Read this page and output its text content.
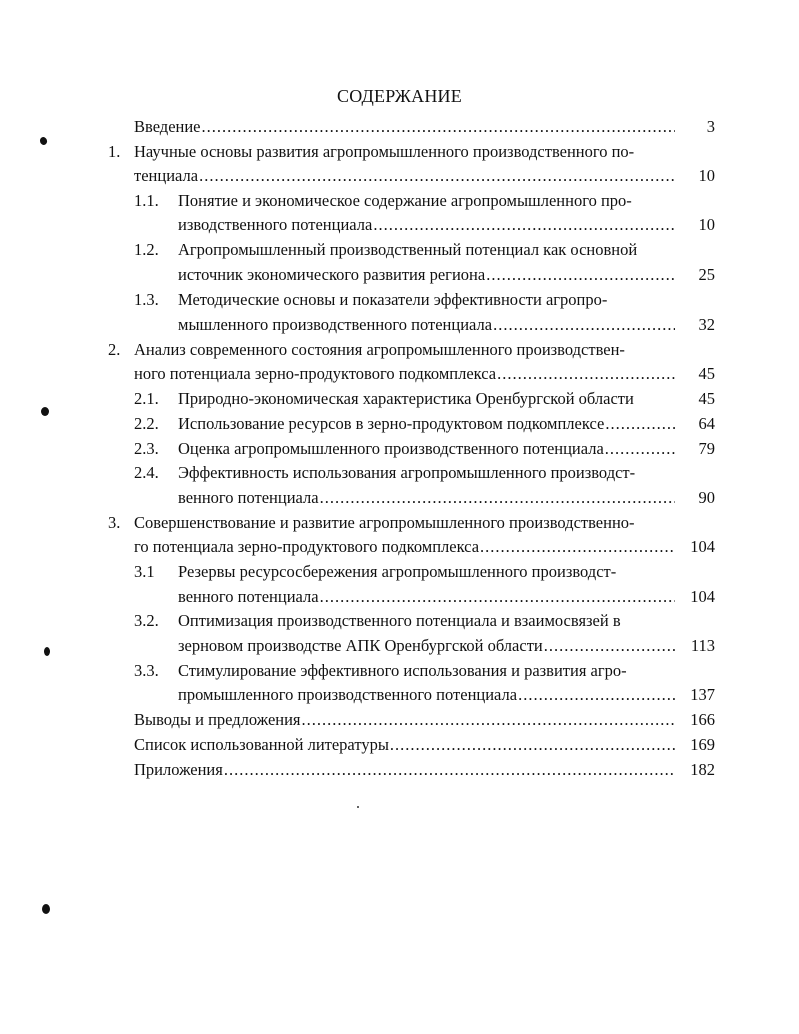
СОДЕРЖАНИЕ
Введение .....	3
1. Научные основы развития агропромышленного производственного по-
тенциала .....	10
1.1. Понятие и экономическое содержание агропромышленного про-
изводственного потенциала .....	10
1.2. Агропромышленный производственный потенциал как основной
источник экономического развития региона .....	25
1.3. Методические основы и показатели эффективности агропро-
мышленного производственного потенциала .....	32
2. Анализ современного состояния агропромышленного производствен-
ного потенциала зерно-продуктового подкомплекса .....	45
2.1. Природно-экономическая характеристика Оренбургской области	45
2.2. Использование ресурсов в зерно-продуктовом подкомплексе .....	64
2.3. Оценка агропромышленного производственного потенциала .....	79
2.4. Эффективность использования агропромышленного производст-
венного потенциала .....	90
3. Совершенствование и развитие агропромышленного производственно-
го потенциала зерно-продуктового подкомплекса .....	104
3.1 Резервы ресурсосбережения агропромышленного производст-
венного потенциала .....	104
3.2. Оптимизация производственного потенциала и взаимосвязей в
зерновом производстве АПК Оренбургской области .....	113
3.3. Стимулирование эффективного использования и развития агро-
промышленного производственного потенциала .....	137
Выводы и предложения .....	166
Список использованной литературы .....	169
Приложения .....	182
